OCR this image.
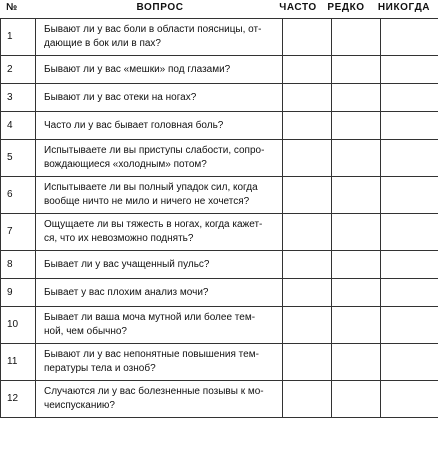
№	ВОПРОС	ЧАСТО	РЕДКО	НИКОГДА
1	Бывают ли у вас боли в области поясницы, от-
дающие в бок или в пах?			
2	Бывают ли у вас «мешки» под глазами?			
3	Бывают ли у вас отеки на ногах?			
4	Часто ли у вас бывает головная боль?			
5	Испытываете ли вы приступы слабости, сопро-
вождающиеся «холодным» потом?			
6	Испытываете ли вы полный упадок сил, когда
вообще ничто не мило и ничего не хочется?			
7	Ощущаете ли вы тяжесть в ногах, когда кажет-
ся, что их невозможно поднять?			
8	Бывает ли у вас учащенный пульс?			
9	Бывает у вас плохим анализ мочи?			
10	Бывает ли ваша моча мутной или более тем-
ной, чем обычно?			
11	Бывают ли у вас непонятные повышения тем-
пературы тела и озноб?			
12	Случаются ли у вас болезненные позывы к мо-
чеиспусканию?			
